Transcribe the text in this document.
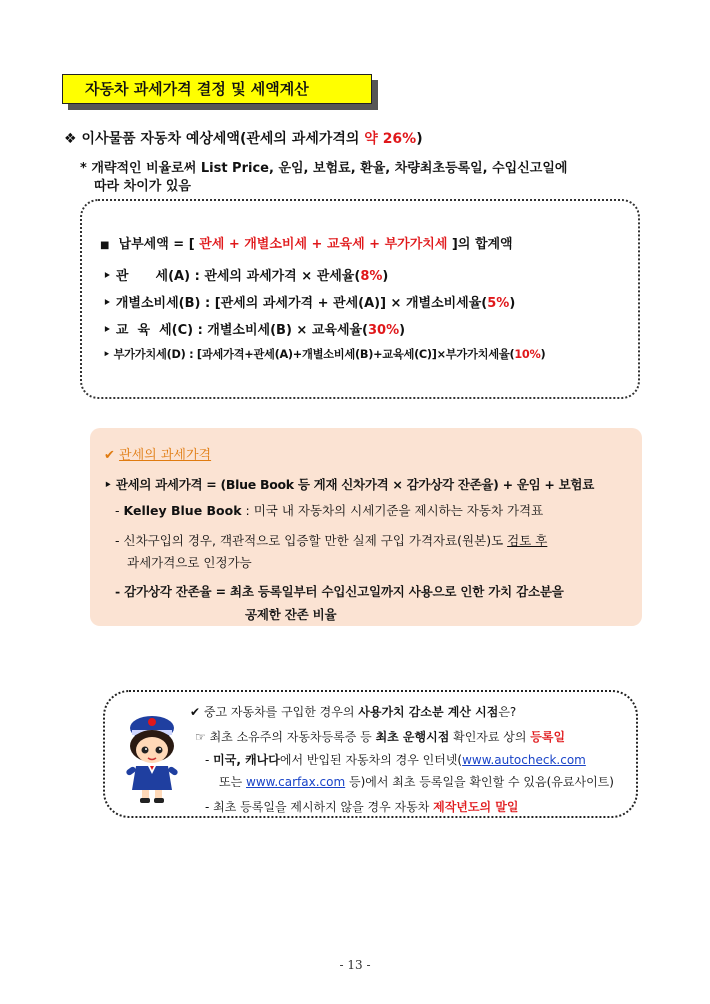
자동차 과세가격 결정 및 세액계산
❖ 이사물품 자동차 예상세액(관세의 과세가격의 약 26%)
* 개략적인 비율로써 List Price, 운임, 보험료, 환율, 차량최초등록일, 수입신고일에
따라 차이가 있음
■ 납부세액 = [ 관세 + 개별소비세 + 교육세 + 부가가치세 ]의 합계액
‣ 관      세(A) : 관세의 과세가격 × 관세율(8%)
‣ 개별소비세(B) : [관세의 과세가격 + 관세(A)] × 개별소비세율(5%)
‣ 교  육  세(C) : 개별소비세(B) × 교육세율(30%)
‣ 부가가치세(D) : [과세가격+관세(A)+개별소비세(B)+교육세(C)]×부가가치세율(10%)
✔ 관세의 과세가격
‣ 관세의 과세가격 = (Blue Book 등 게재 신차가격 × 감가상각 잔존율) + 운임 + 보험료
- Kelley Blue Book : 미국 내 자동차의 시세기준을 제시하는 자동차 가격표
- 신차구입의 경우, 객관적으로 입증할 만한 실제 구입 가격자료(원본)도 검토 후
과세가격으로 인정가능
- 감가상각 잔존율 = 최초 등록일부터 수입신고일까지 사용으로 인한 가치 감소분을
공제한 잔존 비율
✔ 중고 자동차를 구입한 경우의 사용가치 감소분 계산 시점은?
☞ 최초 소유주의 자동차등록증 등 최초 운행시점 확인자료 상의 등록일
- 미국, 캐나다에서 반입된 자동차의 경우 인터넷(www.autocheck.com
또는 www.carfax.com 등)에서 최초 등록일을 확인할 수 있음(유료사이트)
- 최초 등록일을 제시하지 않을 경우 자동차 제작년도의 말일
- 13 -
